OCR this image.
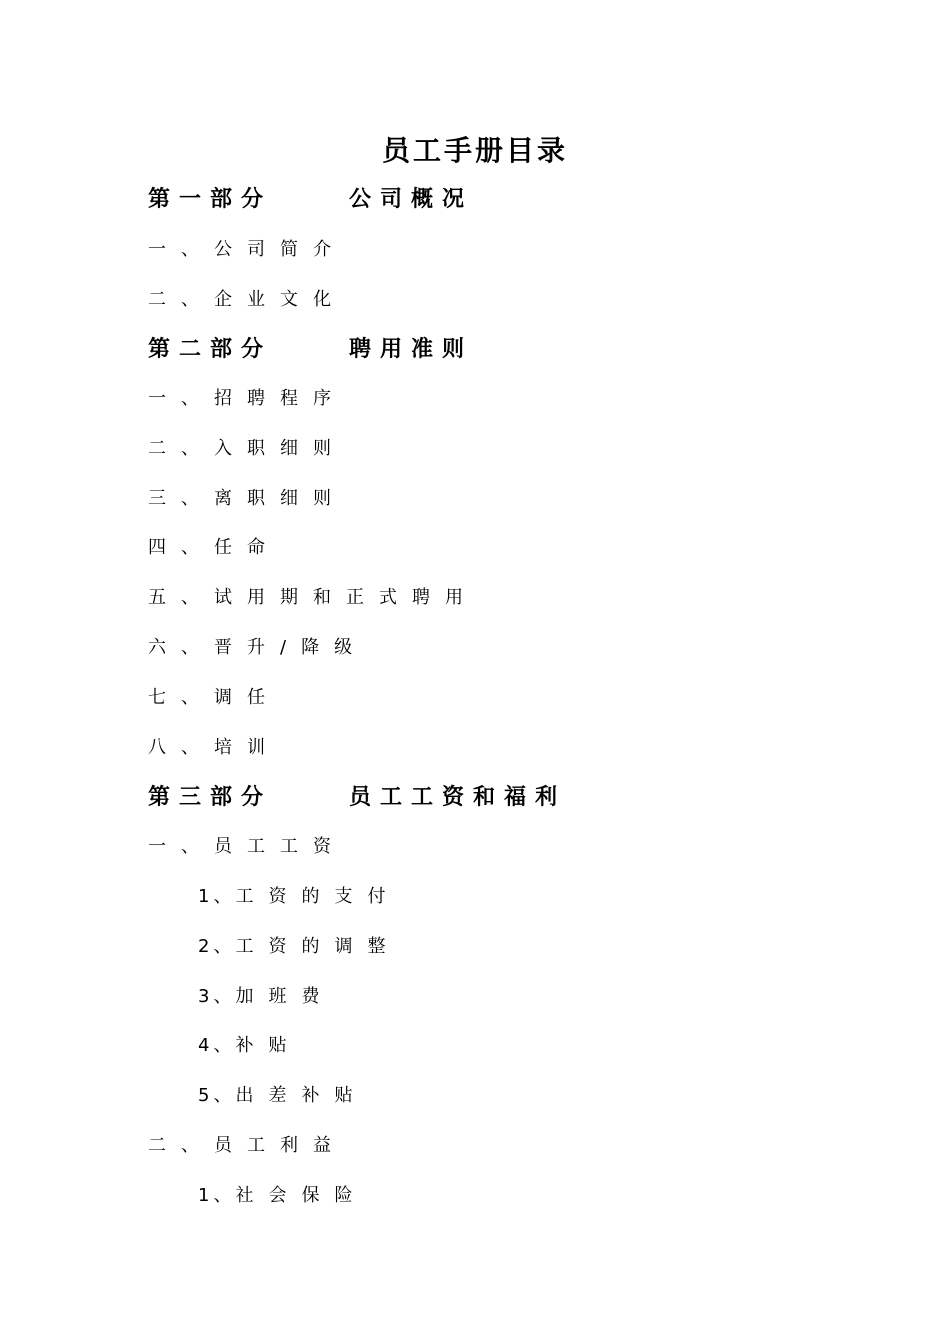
员工手册目录
第一部分	公司概况
一、公司简介
二、企业文化
第二部分	聘用准则
一、招聘程序
二、入职细则
三、离职细则
四、任命
五、试用期和正式聘用
六、晋升/降级
七、调任
八、培训
第三部分	员工工资和福利
一、员工工资
1、工资的支付
2、工资的调整
3、加班费
4、补贴
5、出差补贴
二、员工利益
1、社会保险
